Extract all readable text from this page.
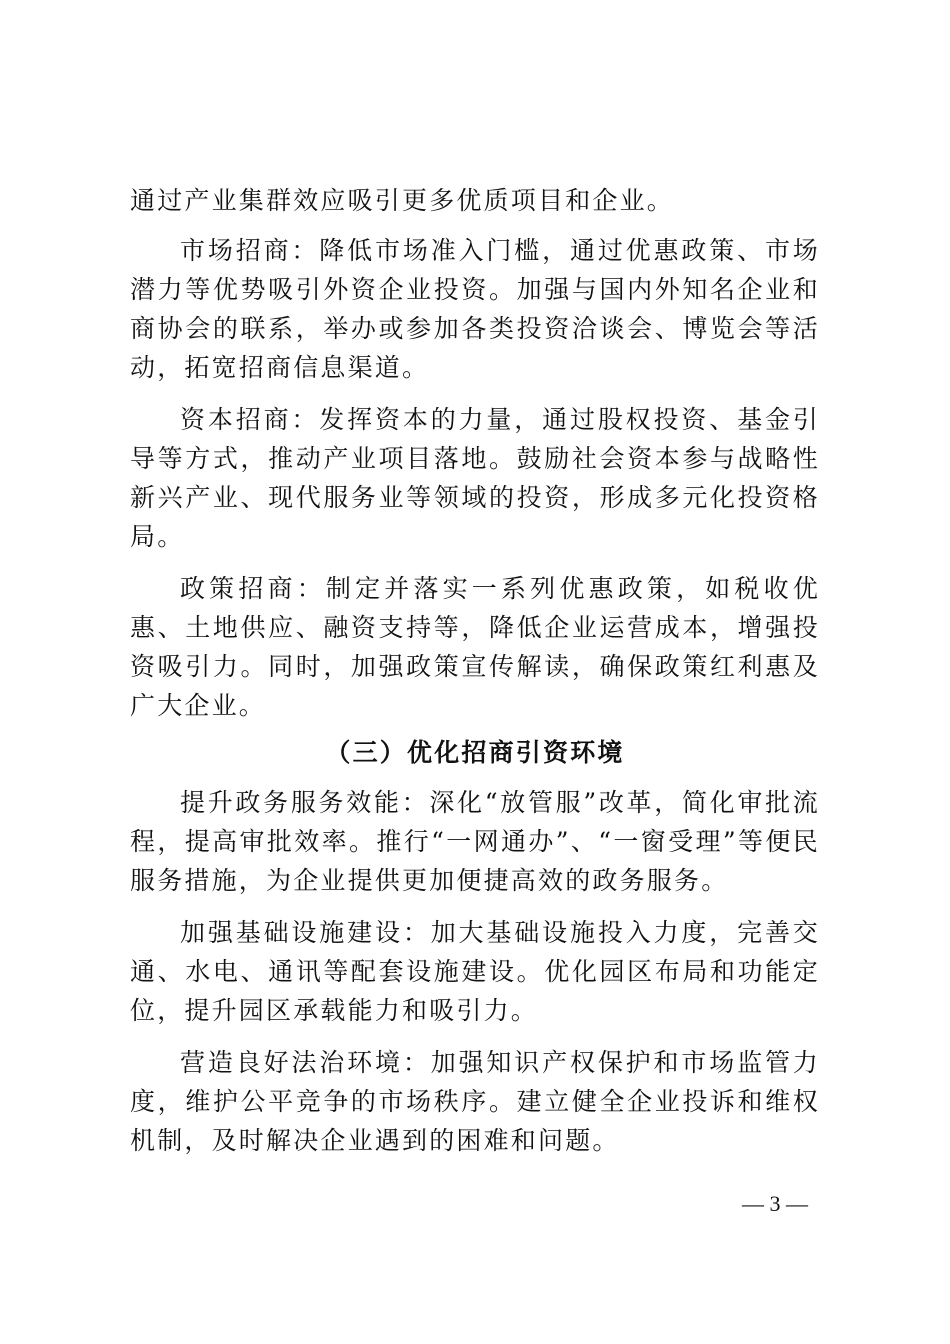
通过产业集群效应吸引更多优质项目和企业。

市场招商：降低市场准入门槛，通过优惠政策、市场潜力等优势吸引外资企业投资。加强与国内外知名企业和商协会的联系，举办或参加各类投资洽谈会、博览会等活动，拓宽招商信息渠道。

资本招商：发挥资本的力量，通过股权投资、基金引导等方式，推动产业项目落地。鼓励社会资本参与战略性新兴产业、现代服务业等领域的投资，形成多元化投资格局。

政策招商：制定并落实一系列优惠政策，如税收优惠、土地供应、融资支持等，降低企业运营成本，增强投资吸引力。同时，加强政策宣传解读，确保政策红利惠及广大企业。

（三）优化招商引资环境

提升政务服务效能：深化“放管服”改革，简化审批流程，提高审批效率。推行“一网通办”、“一窗受理”等便民服务措施，为企业提供更加便捷高效的政务服务。

加强基础设施建设：加大基础设施投入力度，完善交通、水电、通讯等配套设施建设。优化园区布局和功能定位，提升园区承载能力和吸引力。

营造良好法治环境：加强知识产权保护和市场监管力度，维护公平竞争的市场秩序。建立健全企业投诉和维权机制，及时解决企业遇到的困难和问题。

— 3 —
